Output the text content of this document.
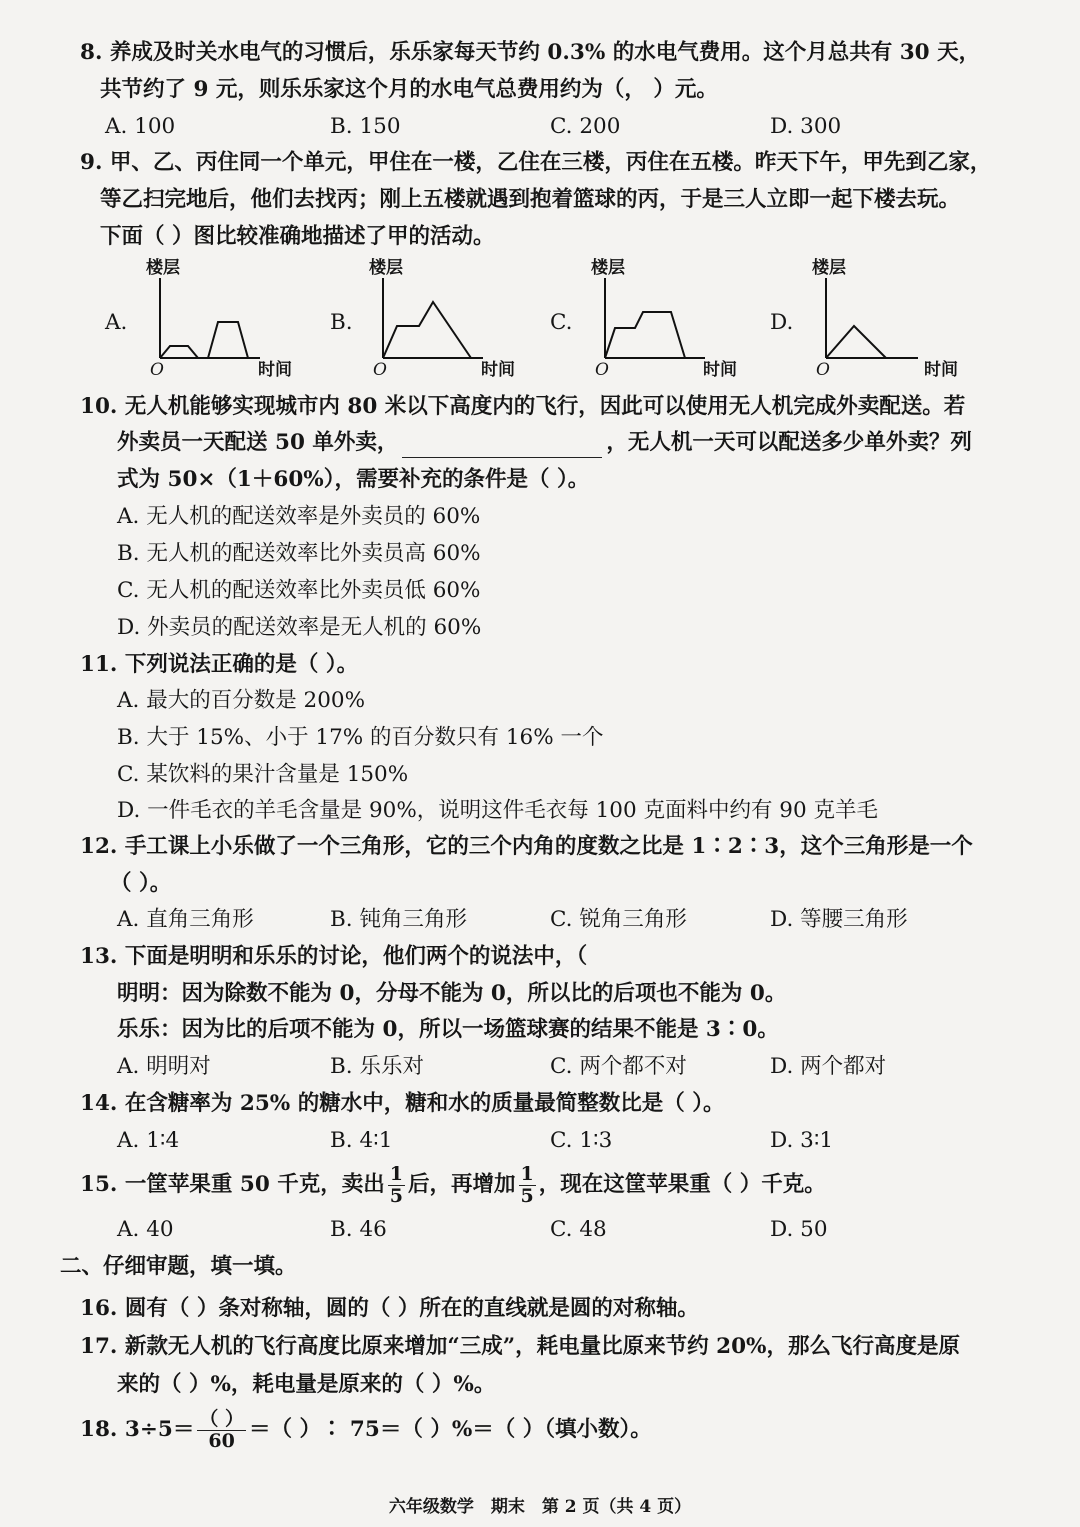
8. 养成及时关水电气的习惯后，乐乐家每天节约 0.3% 的水电气费用。这个月总共有 30 天，
共节约了 9 元，则乐乐家这个月的水电气总费用约为（， ）元。
A. 100	B. 150	C. 200	D. 300
9. 甲、乙、丙住同一个单元，甲住在一楼，乙住在三楼，丙住在五楼。昨天下午，甲先到乙家，
等乙扫完地后，他们去找丙；刚上五楼就遇到抱着篮球的丙，于是三人立即一起下楼去玩。
下面（ ）图比较准确地描述了甲的活动。
A.
楼层
O	时间
B.
楼层
O	时间
C.
楼层
O	时间
D.
楼层
O	时间
10. 无人机能够实现城市内 80 米以下高度内的飞行，因此可以使用无人机完成外卖配送。若
外卖员一天配送 50 单外卖，	，无人机一天可以配送多少单外卖？列
式为 50×（1＋60%），需要补充的条件是（ ）。
A. 无人机的配送效率是外卖员的 60%
B. 无人机的配送效率比外卖员高 60%
C. 无人机的配送效率比外卖员低 60%
D. 外卖员的配送效率是无人机的 60%
11. 下列说法正确的是（ ）。
A. 最大的百分数是 200%
B. 大于 15%、小于 17% 的百分数只有 16% 一个
C. 某饮料的果汁含量是 150%
D. 一件毛衣的羊毛含量是 90%，说明这件毛衣每 100 克面料中约有 90 克羊毛
12. 手工课上小乐做了一个三角形，它的三个内角的度数之比是 1∶2∶3，这个三角形是一个
（ ）。
A. 直角三角形	B. 钝角三角形	C. 锐角三角形	D. 等腰三角形
13. 下面是明明和乐乐的讨论，他们两个的说法中，（
明明：因为除数不能为 0，分母不能为 0，所以比的后项也不能为 0。
乐乐：因为比的后项不能为 0，所以一场篮球赛的结果不能是 3∶0。
A. 明明对	B. 乐乐对	C. 两个都不对	D. 两个都对
14. 在含糖率为 25% 的糖水中，糖和水的质量最简整数比是（ ）。
A. 1∶4	B. 4∶1	C. 1∶3	D. 3∶1
15. 一筐苹果重 50 千克，卖出 $\frac{1}{5}$ 后，再增加 $\frac{1}{5}$ ，现在这筐苹果重（ ）千克。
A. 40	B. 46	C. 48	D. 50
二、仔细审题，填一填。
16. 圆有（ ）条对称轴，圆的（ ）所在的直线就是圆的对称轴。
17. 新款无人机的飞行高度比原来增加“三成”，耗电量比原来节约 20%，那么飞行高度是原
来的（ ）%，耗电量是原来的（ ）%。
18. $3\div 5= \frac{( )}{60}$ ＝（ ）∶ 75＝（ ）%＝（ ）（填小数）。
六年级数学　期末　第 2 页（共 4 页）
